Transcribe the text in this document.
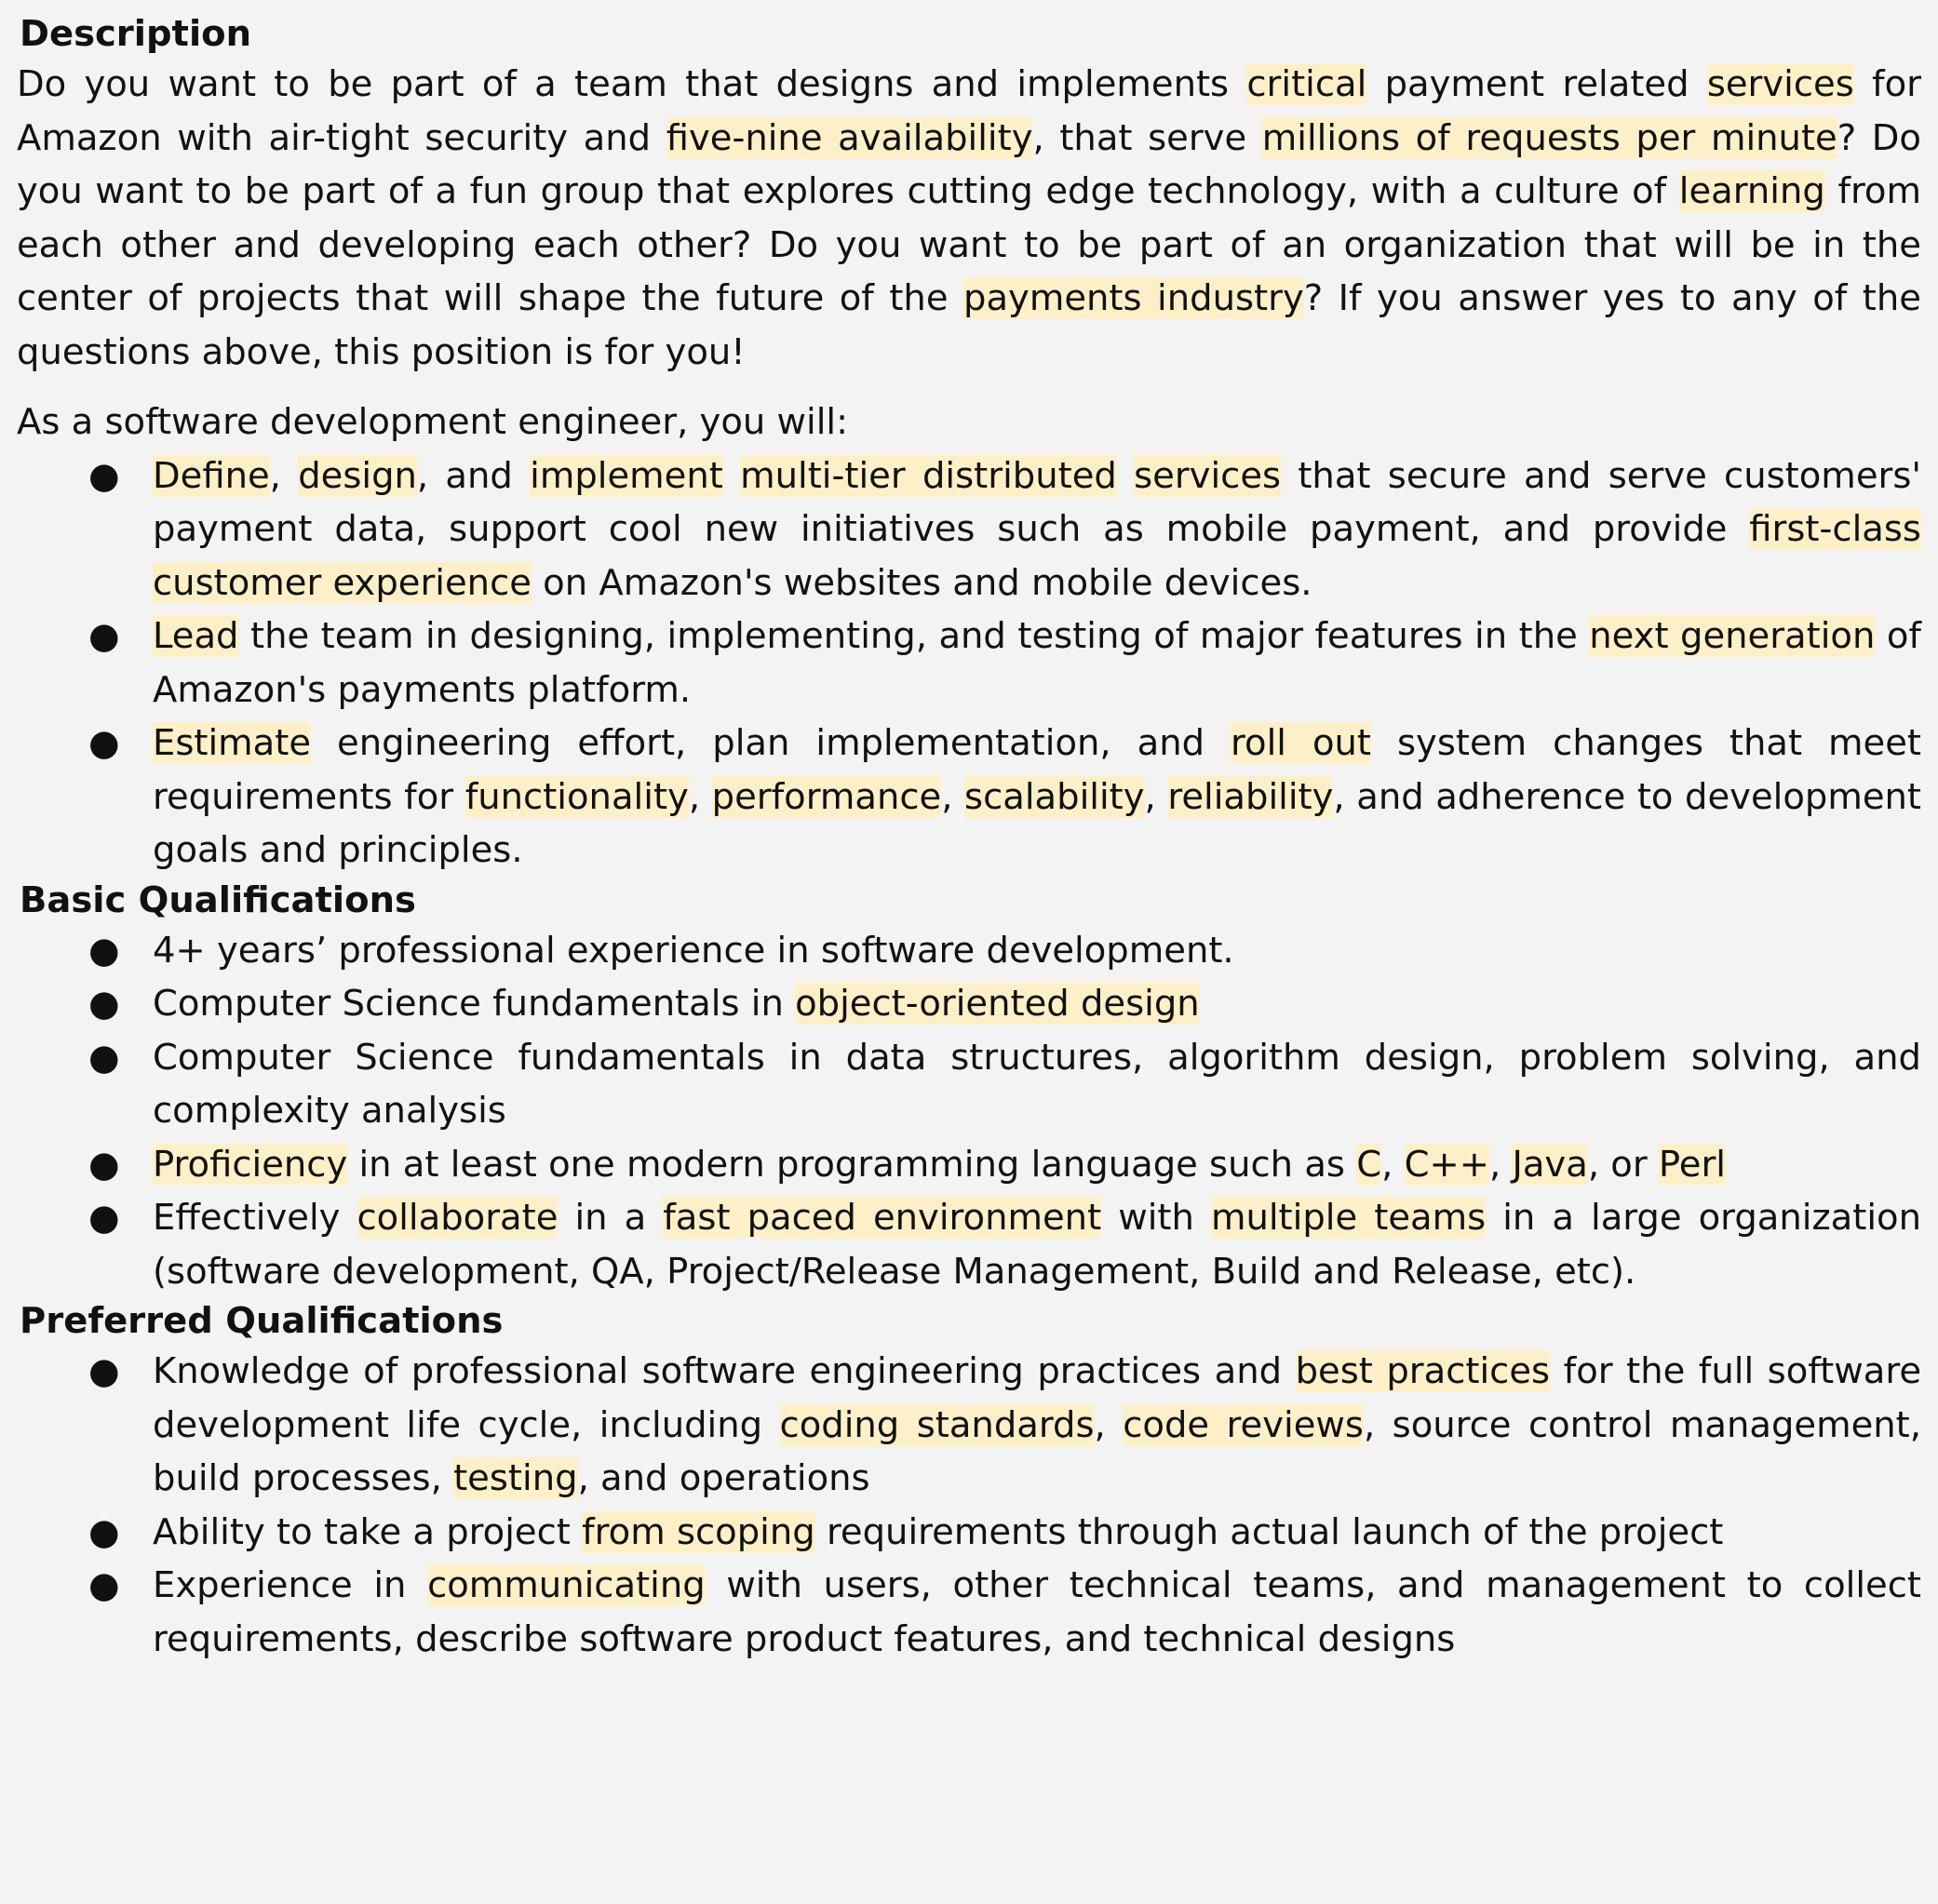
Description

Do you want to be part of a team that designs and implements critical payment related services for Amazon with air-tight security and five-nine availability, that serve millions of requests per minute? Do you want to be part of a fun group that explores cutting edge technology, with a culture of learning from each other and developing each other? Do you want to be part of an organization that will be in the center of projects that will shape the future of the payments industry? If you answer yes to any of the questions above, this position is for you!

As a software development engineer, you will:

● Define, design, and implement multi-tier distributed services that secure and serve customers' payment data, support cool new initiatives such as mobile payment, and provide first-class customer experience on Amazon's websites and mobile devices.
● Lead the team in designing, implementing, and testing of major features in the next generation of Amazon's payments platform.
● Estimate engineering effort, plan implementation, and roll out system changes that meet requirements for functionality, performance, scalability, reliability, and adherence to development goals and principles.
Basic Qualifications
● 4+ years’ professional experience in software development.
● Computer Science fundamentals in object-oriented design
● Computer Science fundamentals in data structures, algorithm design, problem solving, and complexity analysis
● Proficiency in at least one modern programming language such as C, C++, Java, or Perl
● Effectively collaborate in a fast paced environment with multiple teams in a large organization (software development, QA, Project/Release Management, Build and Release, etc).
Preferred Qualifications
● Knowledge of professional software engineering practices and best practices for the full software development life cycle, including coding standards, code reviews, source control management, build processes, testing, and operations
● Ability to take a project from scoping requirements through actual launch of the project
● Experience in communicating with users, other technical teams, and management to collect requirements, describe software product features, and technical designs
